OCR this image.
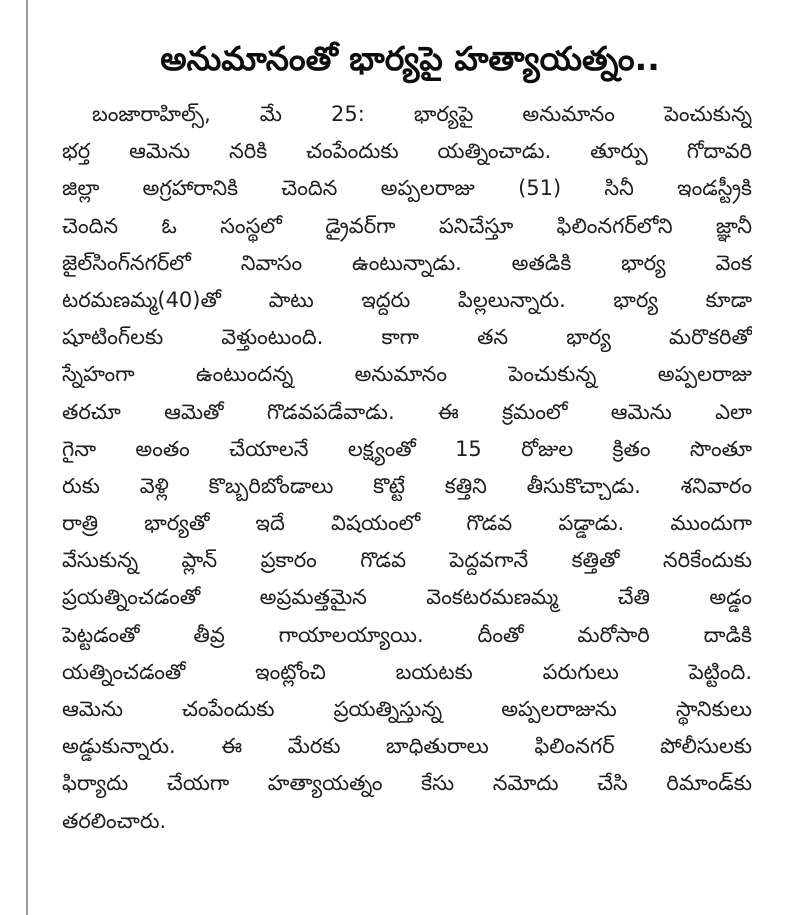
అనుమానంతో భార్యపై హత్యాయత్నం..
బంజారాహిల్స్, మే 25: భార్యపై అనుమానం పెంచుకున్న
భర్త ఆమెను నరికి చంపేందుకు యత్నించాడు. తూర్పు గోదావరి
జిల్లా అగ్రహారానికి చెందిన అప్పలరాజు (51) సినీ ఇండస్ట్రీకి
చెందిన ఓ సంస్థలో డ్రైవర్‌గా పనిచేస్తూ ఫిలింనగర్‌లోని జ్ఞానీ
జైల్‌సింగ్‌నగర్‌లో నివాసం ఉంటున్నాడు. అతడికి భార్య వెంక
టరమణమ్మ(40)తో పాటు ఇద్దరు పిల్లలున్నారు. భార్య కూడా
షూటింగ్‌లకు వెళ్తుంటుంది. కాగా తన భార్య మరొకరితో
స్నేహంగా ఉంటుందన్న అనుమానం పెంచుకున్న అప్పలరాజు
తరచూ ఆమెతో గొడవపడేవాడు. ఈ క్రమంలో ఆమెను ఎలా
గైనా అంతం చేయాలనే లక్ష్యంతో 15 రోజుల క్రితం సొంతూ
రుకు వెళ్లి కొబ్బరిబోండాలు కొట్టే కత్తిని తీసుకొచ్చాడు. శనివారం
రాత్రి భార్యతో ఇదే విషయంలో గొడవ పడ్డాడు. ముందుగా
వేసుకున్న ప్లాన్ ప్రకారం గొడవ పెద్దవగానే కత్తితో నరికేందుకు
ప్రయత్నించడంతో అప్రమత్తమైన వెంకటరమణమ్మ చేతి అడ్డం
పెట్టడంతో తీవ్ర గాయాలయ్యాయి. దీంతో మరోసారి దాడికి
యత్నించడంతో ఇంట్లోంచి బయటకు పరుగులు పెట్టింది.
ఆమెను చంపేందుకు ప్రయత్నిస్తున్న అప్పలరాజును స్థానికులు
అడ్డుకున్నారు. ఈ మేరకు బాధితురాలు ఫిలింనగర్ పోలీసులకు
ఫిర్యాదు చేయగా హత్యాయత్నం కేసు నమోదు చేసి రిమాండ్‌కు
తరలించారు.
